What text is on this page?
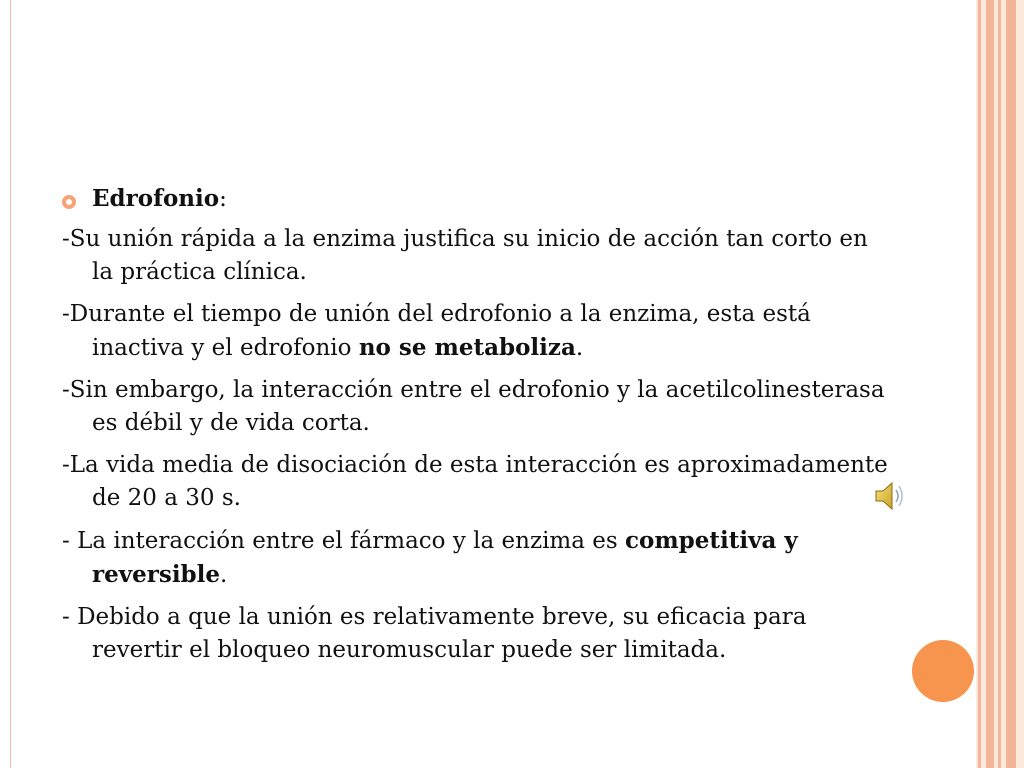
Edrofonio:
-Su unión rápida a la enzima justifica su inicio de acción tan corto en la práctica clínica.
-Durante el tiempo de unión del edrofonio a la enzima, esta está inactiva y el edrofonio no se metaboliza.
-Sin embargo, la interacción entre el edrofonio y la acetilcolinesterasa es débil y de vida corta.
-La vida media de disociación de esta interacción es aproximadamente de 20 a 30 s.
- La interacción entre el fármaco y la enzima es competitiva y reversible.
- Debido a que la unión es relativamente breve, su eficacia para revertir el bloqueo neuromuscular puede ser limitada.
